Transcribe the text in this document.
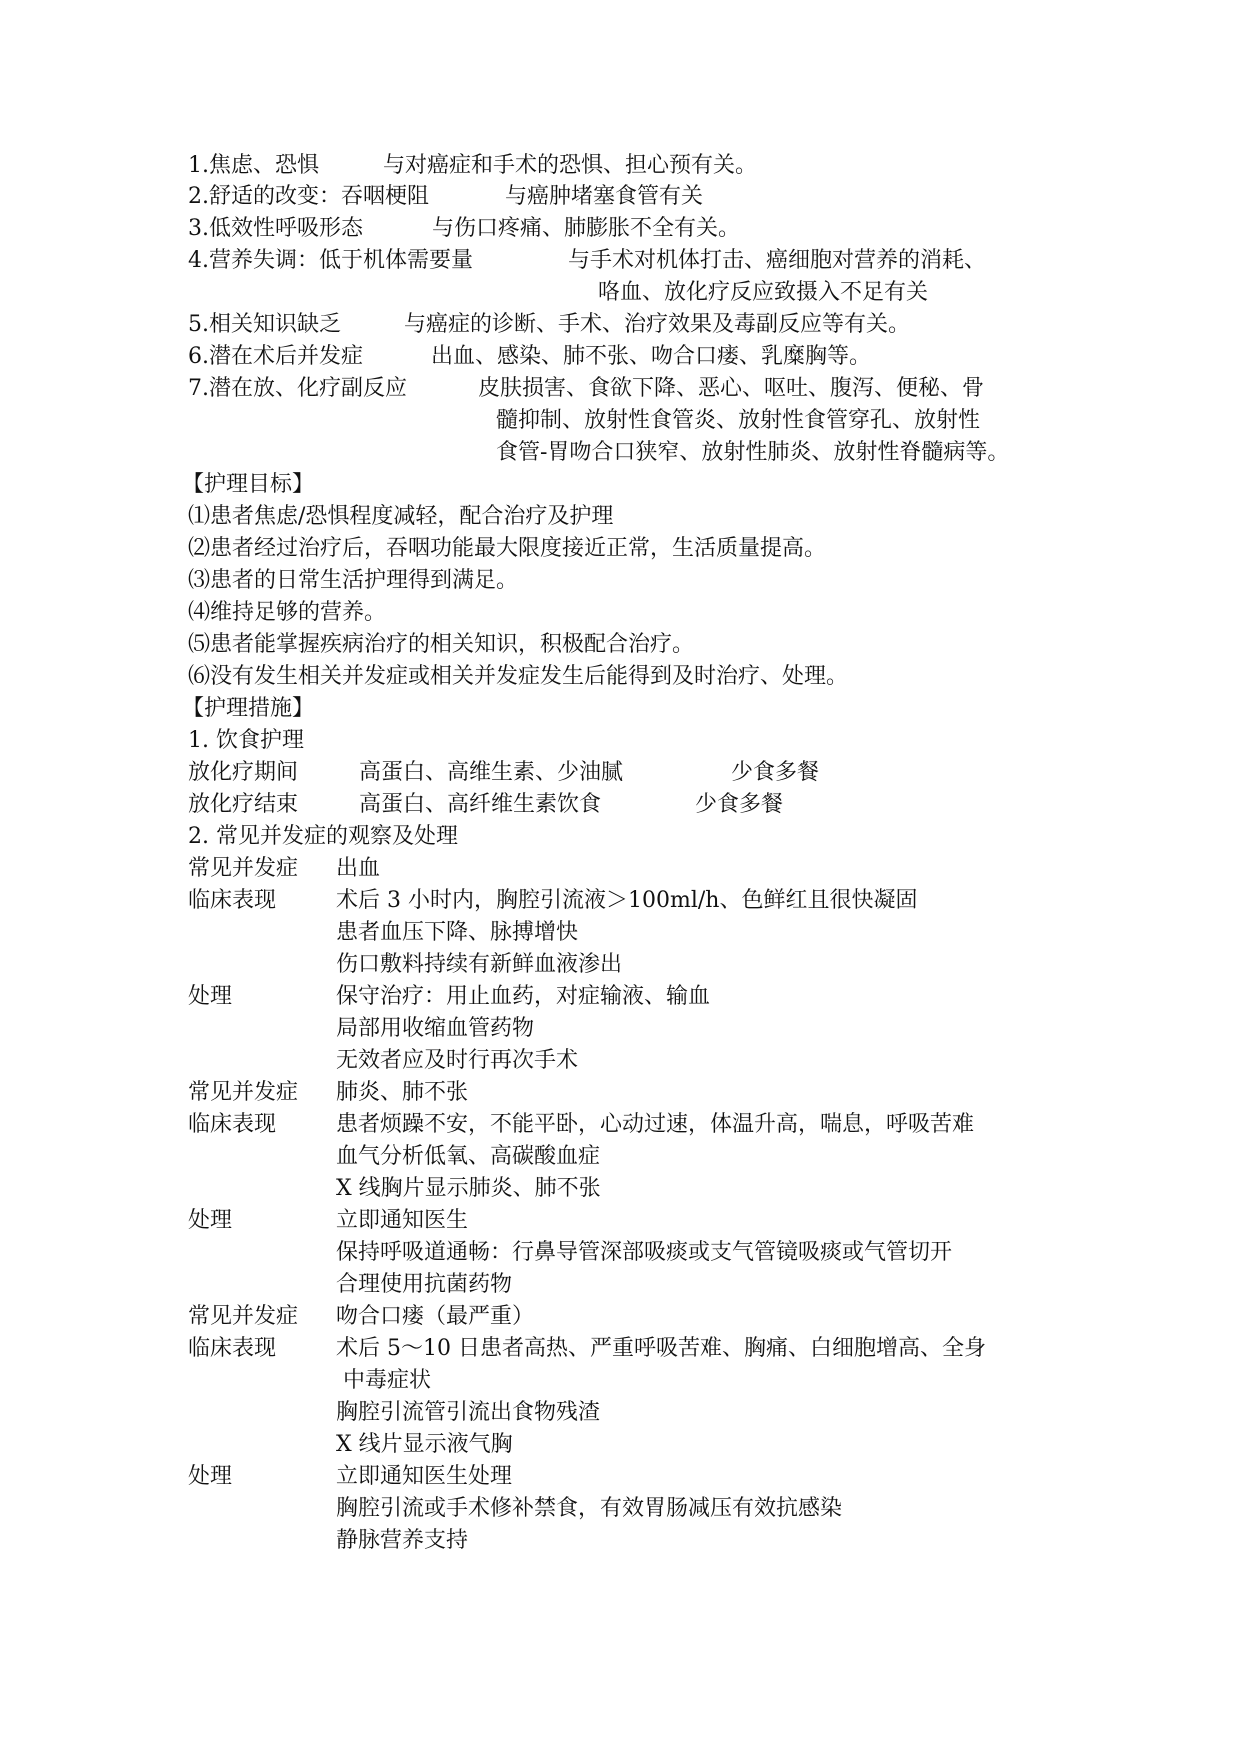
1.焦虑、恐惧	与对癌症和手术的恐惧、担心预有关。
2.舒适的改变：吞咽梗阻	与癌肿堵塞食管有关
3.低效性呼吸形态	与伤口疼痛、肺膨胀不全有关。
4.营养失调：低于机体需要量	与手术对机体打击、癌细胞对营养的消耗、
咯血、放化疗反应致摄入不足有关
5.相关知识缺乏	与癌症的诊断、手术、治疗效果及毒副反应等有关。
6.潜在术后并发症	出血、感染、肺不张、吻合口瘘、乳糜胸等。
7.潜在放、化疗副反应	皮肤损害、食欲下降、恶心、呕吐、腹泻、便秘、骨
髓抑制、放射性食管炎、放射性食管穿孔、放射性
食管-胃吻合口狭窄、放射性肺炎、放射性脊髓病等。
【护理目标】
⑴患者焦虑/恐惧程度减轻，配合治疗及护理
⑵患者经过治疗后，吞咽功能最大限度接近正常，生活质量提高。
⑶患者的日常生活护理得到满足。
⑷维持足够的营养。
⑸患者能掌握疾病治疗的相关知识，积极配合治疗。
⑹没有发生相关并发症或相关并发症发生后能得到及时治疗、处理。
【护理措施】
1. 饮食护理
放化疗期间	高蛋白、高维生素、少油腻	少食多餐
放化疗结束	高蛋白、高纤维生素饮食	少食多餐
2. 常见并发症的观察及处理
常见并发症 出血
临床表现	术后 3 小时内，胸腔引流液＞100ml/h、色鲜红且很快凝固
患者血压下降、脉搏增快
伤口敷料持续有新鲜血液渗出
处理	保守治疗：用止血药，对症输液、输血
局部用收缩血管药物
无效者应及时行再次手术
常见并发症 肺炎、肺不张
临床表现	患者烦躁不安，不能平卧，心动过速，体温升高，喘息，呼吸苦难
血气分析低氧、高碳酸血症
X 线胸片显示肺炎、肺不张
处理	立即通知医生
保持呼吸道通畅：行鼻导管深部吸痰或支气管镜吸痰或气管切开
合理使用抗菌药物
常见并发症 吻合口瘘（最严重）
临床表现	术后 5～10 日患者高热、严重呼吸苦难、胸痛、白细胞增高、全身
中毒症状
胸腔引流管引流出食物残渣
X 线片显示液气胸
处理	立即通知医生处理
胸腔引流或手术修补禁食，有效胃肠减压有效抗感染
静脉营养支持
